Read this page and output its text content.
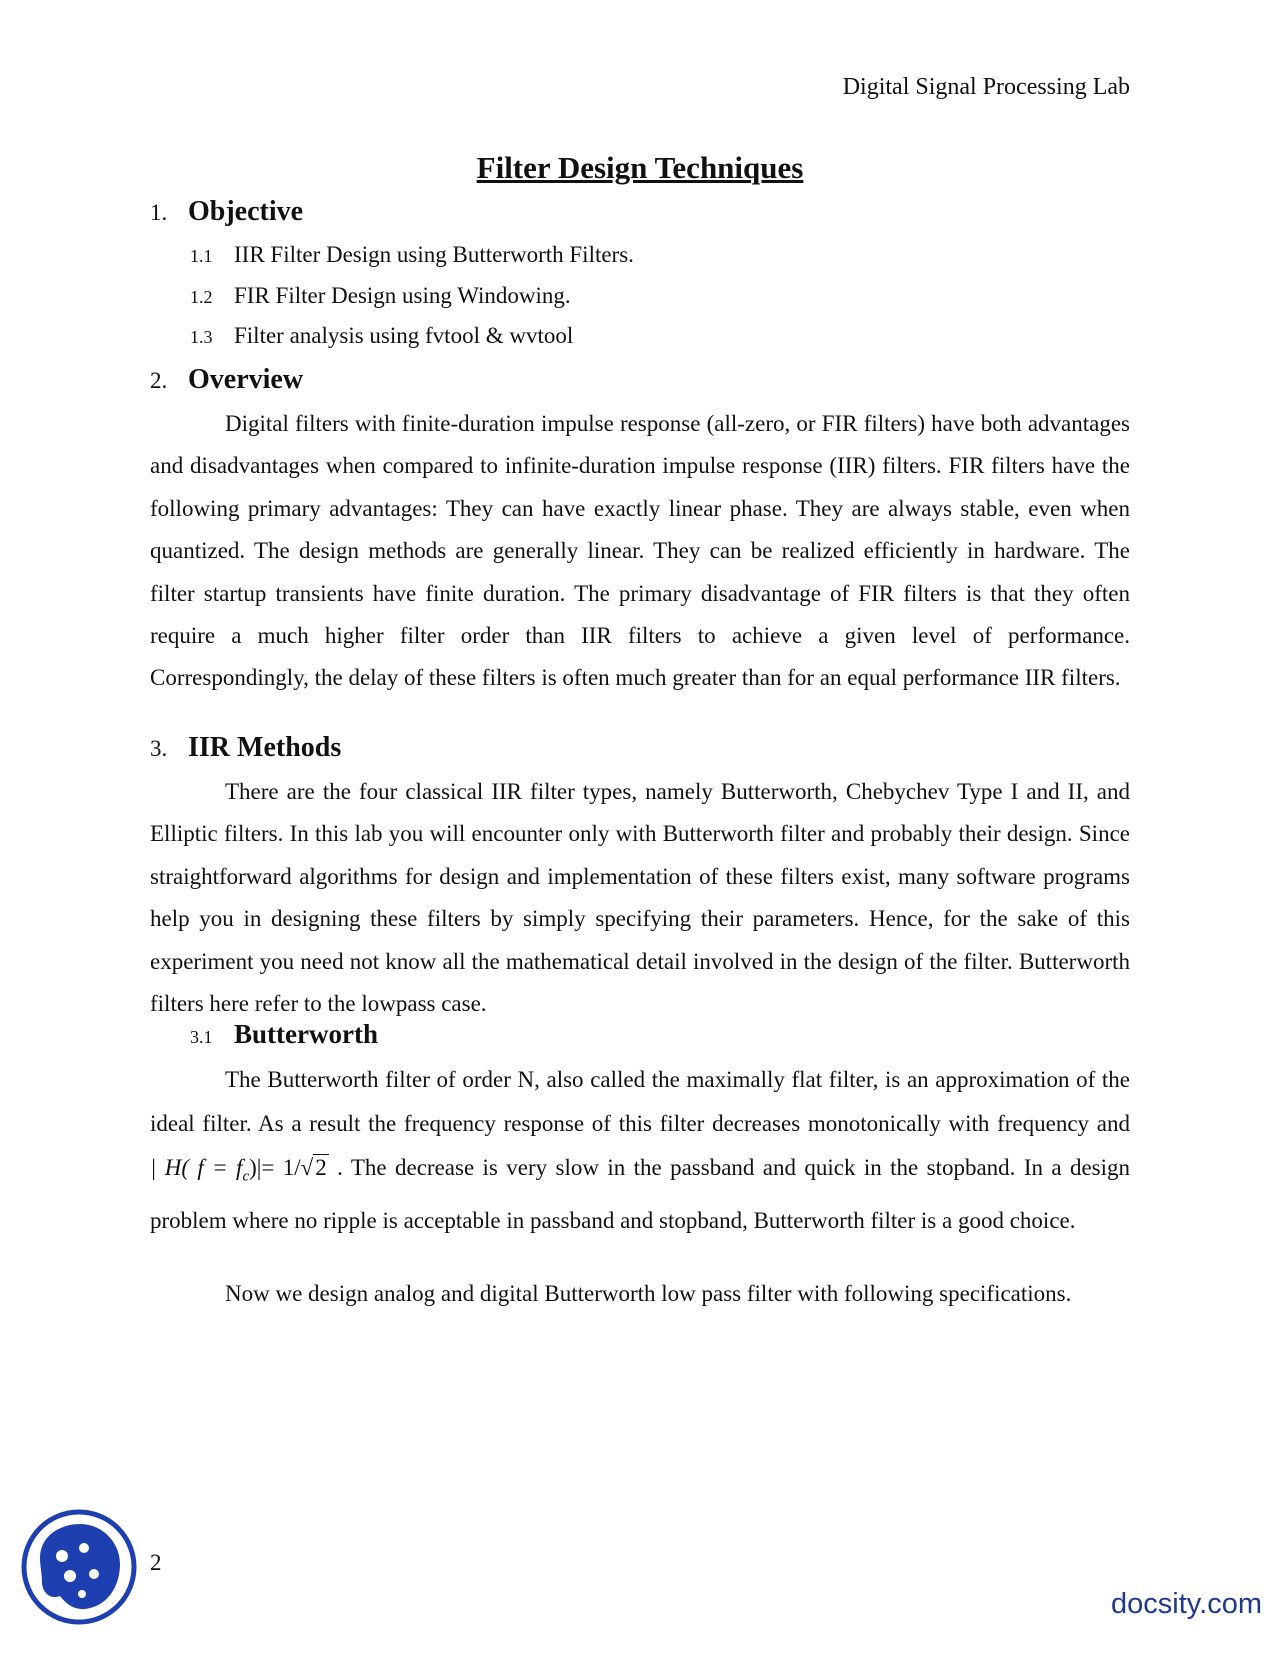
Digital Signal Processing Lab
Filter Design Techniques
1. Objective
1.1 IIR Filter Design using Butterworth Filters.
1.2 FIR Filter Design using Windowing.
1.3 Filter analysis using fvtool & wvtool
2. Overview

Digital filters with finite-duration impulse response (all-zero, or FIR filters) have both advantages and disadvantages when compared to infinite-duration impulse response (IIR) filters. FIR filters have the following primary advantages: They can have exactly linear phase. They are always stable, even when quantized. The design methods are generally linear. They can be realized efficiently in hardware. The filter startup transients have finite duration. The primary disadvantage of FIR filters is that they often require a much higher filter order than IIR filters to achieve a given level of performance. Correspondingly, the delay of these filters is often much greater than for an equal performance IIR filters.

3. IIR Methods

There are the four classical IIR filter types, namely Butterworth, Chebychev Type I and II, and Elliptic filters. In this lab you will encounter only with Butterworth filter and probably their design. Since straightforward algorithms for design and implementation of these filters exist, many software programs help you in designing these filters by simply specifying their parameters. Hence, for the sake of this experiment you need not know all the mathematical detail involved in the design of the filter. Butterworth filters here refer to the lowpass case.

3.1 Butterworth

The Butterworth filter of order N, also called the maximally flat filter, is an approximation of the ideal filter. As a result the frequency response of this filter decreases monotonically with frequency and | H( $f = f_c)|= 1/√2$ . The decrease is very slow in the passband and quick in the stopband. In a design problem where no ripple is acceptable in passband and stopband, Butterworth filter is a good choice.

Now we design analog and digital Butterworth low pass filter with following specifications.

2
docsity.com
